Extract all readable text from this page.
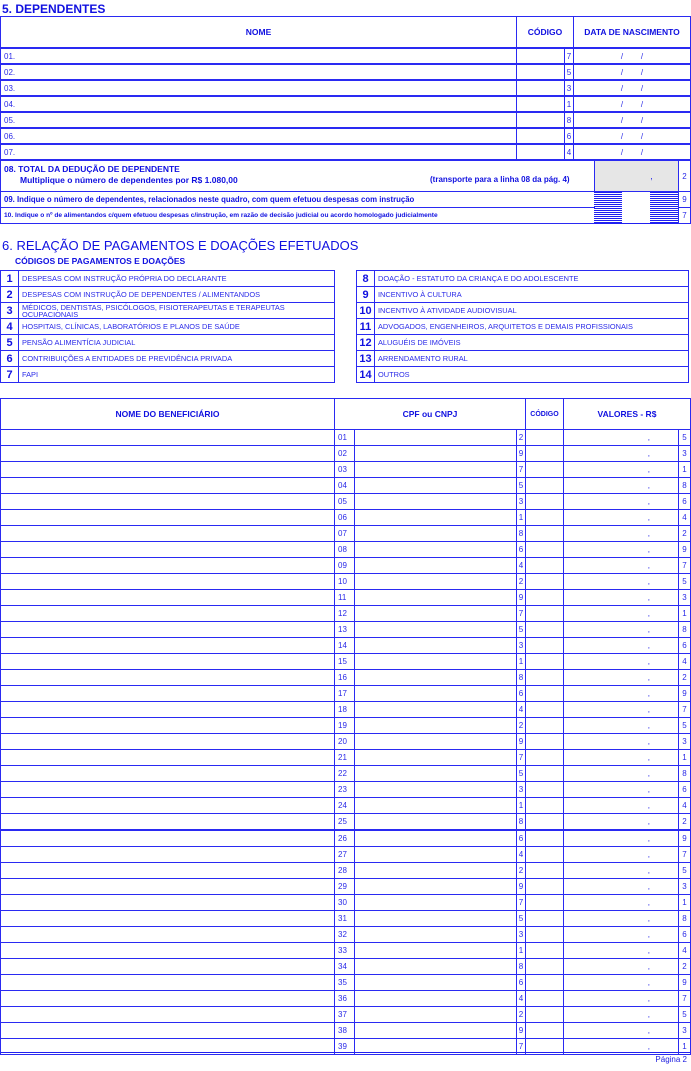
5. DEPENDENTES
NOME	CÓDIGO	DATA DE NASCIMENTO
01.	7	/        /
02.	5	/        /
03.	3	/        /
04.	1	/        /
05.	8	/        /
06.	6	/        /
07.	4	/        /
08. TOTAL DA DEDUÇÃO DE DEPENDENTE
Multiplique o número de dependentes por R$ 1.080,00	(transporte para a linha 08 da pág. 4)	,	2
09. Indique o número de dependentes, relacionados neste quadro, com quem efetuou despesas com instrução	9
10. Indique o nº de alimentandos c/quem efetuou despesas c/instrução, em razão de decisão judicial ou acordo homologado judicialmente	7
6. RELAÇÃO DE PAGAMENTOS E DOAÇÕES EFETUADOS
CÓDIGOS DE PAGAMENTOS E DOAÇÕES
1	DESPESAS COM INSTRUÇÃO PRÓPRIA DO DECLARANTE
2	DESPESAS COM INSTRUÇÃO DE DEPENDENTES / ALIMENTANDOS
3	MÉDICOS, DENTISTAS, PSICÓLOGOS, FISIOTERAPEUTAS E TERAPEUTAS OCUPACIONAIS
4	HOSPITAIS, CLÍNICAS, LABORATÓRIOS E PLANOS DE SAÚDE
5	PENSÃO ALIMENTÍCIA JUDICIAL
6	CONTRIBUIÇÕES A ENTIDADES DE PREVIDÊNCIA PRIVADA
7	FAPI
8	DOAÇÃO - ESTATUTO DA CRIANÇA E DO ADOLESCENTE
9	INCENTIVO À CULTURA
10 INCENTIVO À ATIVIDADE AUDIOVISUAL
11 ADVOGADOS, ENGENHEIROS, ARQUITETOS E DEMAIS PROFISSIONAIS
12 ALUGUÉIS DE IMÓVEIS
13 ARRENDAMENTO RURAL
14 OUTROS
NOME DO BENEFICIÁRIO	CPF ou CNPJ	CÓDIGO	VALORES - R$
01	2	,	5
02	9	,	3
03	7	,	1
04	5	,	8
05	3	,	6
06	1	,	4
07	8	,	2
08	6	,	9
09	4	,	7
10	2	,	5
11	9	,	3
12	7	,	1
13	5	,	8
14	3	,	6
15	1	,	4
16	8	,	2
17	6	,	9
18	4	,	7
19	2	,	5
20	9	,	3
21	7	,	1
22	5	,	8
23	3	,	6
24	1	,	4
25	8	,	2
26	6	,	9
27	4	,	7
28	2	,	5
29	9	,	3
30	7	,	1
31	5	,	8
32	3	,	6
33	1	,	4
34	8	,	2
35	6	,	9
36	4	,	7
37	2	,	5
38	9	,	3
39	7	,	1
Página 2
